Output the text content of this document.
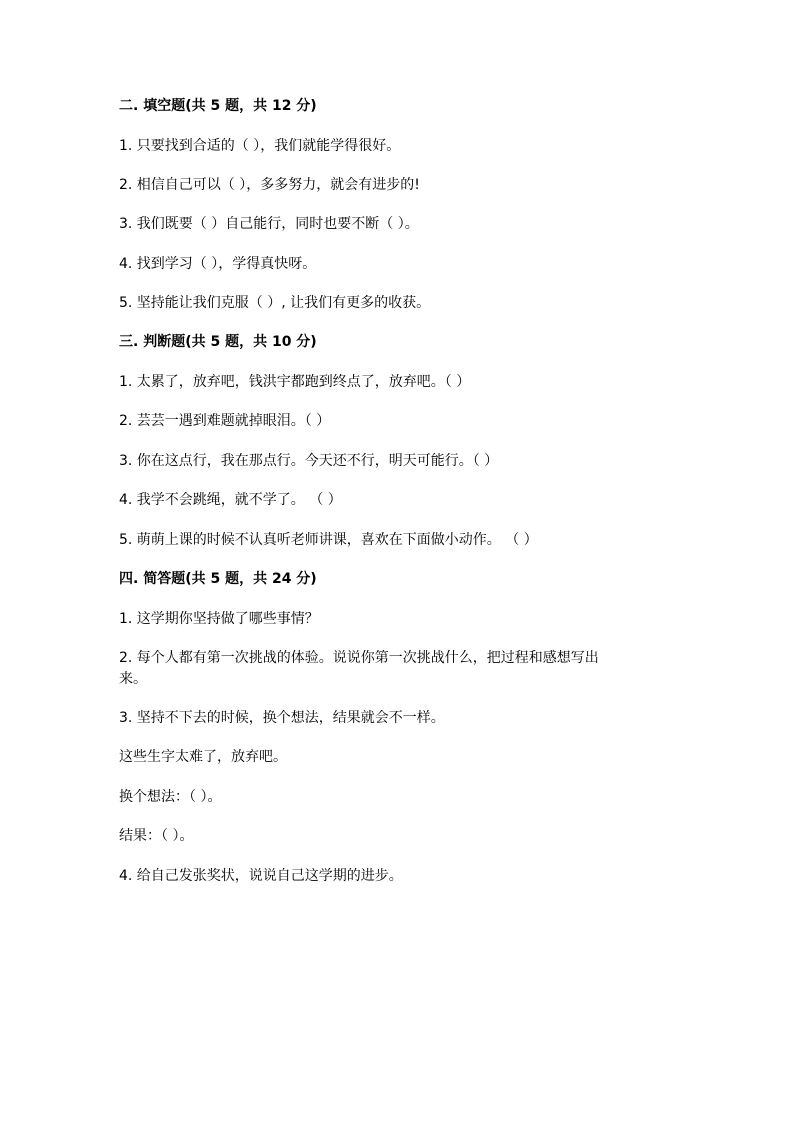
二. 填空题(共 5 题，共 12 分)
1. 只要找到合适的（ ），我们就能学得很好。
2. 相信自己可以（ ），多多努力，就会有进步的!
3. 我们既要（ ）自己能行，同时也要不断（ ）。
4. 找到学习（ ），学得真快呀。
5. 坚持能让我们克服（ ）, 让我们有更多的收获。
三. 判断题(共 5 题，共 10 分)
1. 太累了，放弃吧，钱洪宇都跑到终点了，放弃吧。（ ）
2. 芸芸一遇到难题就掉眼泪。（ ）
3. 你在这点行，我在那点行。今天还不行，明天可能行。（ ）
4. 我学不会跳绳，就不学了。 （ ）
5. 萌萌上课的时候不认真听老师讲课，喜欢在下面做小动作。 （ ）
四. 简答题(共 5 题，共 24 分)
1. 这学期你坚持做了哪些事情？
2. 每个人都有第一次挑战的体验。说说你第一次挑战什么，把过程和感想写出
来。
3. 坚持不下去的时候，换个想法，结果就会不一样。
这些生字太难了，放弃吧。
换个想法：（ ）。
结果：（ ）。
4. 给自己发张奖状，说说自己这学期的进步。
